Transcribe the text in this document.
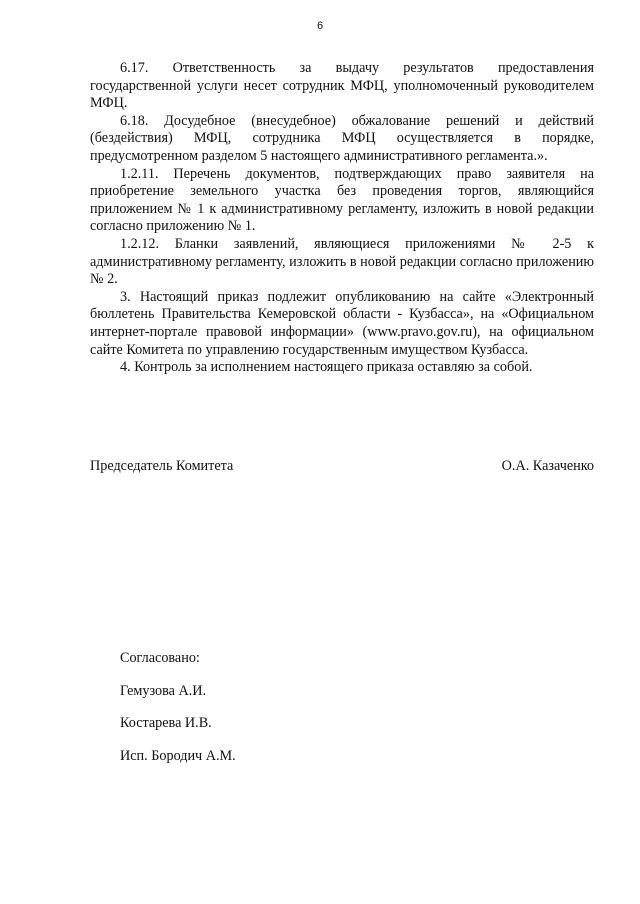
6

6.17. Ответственность за выдачу результатов предоставления государственной услуги несет сотрудник МФЦ, уполномоченный руководителем МФЦ.

6.18. Досудебное (внесудебное) обжалование решений и действий (бездействия) МФЦ, сотрудника МФЦ осуществляется в порядке, предусмотренном разделом 5 настоящего административного регламента.».

1.2.11. Перечень документов, подтверждающих право заявителя на приобретение земельного участка без проведения торгов, являющийся приложением № 1 к административному регламенту, изложить в новой редакции согласно приложению № 1.

1.2.12. Бланки заявлений, являющиеся приложениями № 2-5 к административному регламенту, изложить в новой редакции согласно приложению № 2.

3. Настоящий приказ подлежит опубликованию на сайте «Электронный бюллетень Правительства Кемеровской области - Кузбасса», на «Официальном интернет-портале правовой информации» (www.pravo.gov.ru), на официальном сайте Комитета по управлению государственным имуществом Кузбасса.

4. Контроль за исполнением настоящего приказа оставляю за собой.

Председатель Комитета	О.А. Казаченко
Согласовано:
Гемузова А.И.
Костарева И.В.
Исп. Бородич А.М.
